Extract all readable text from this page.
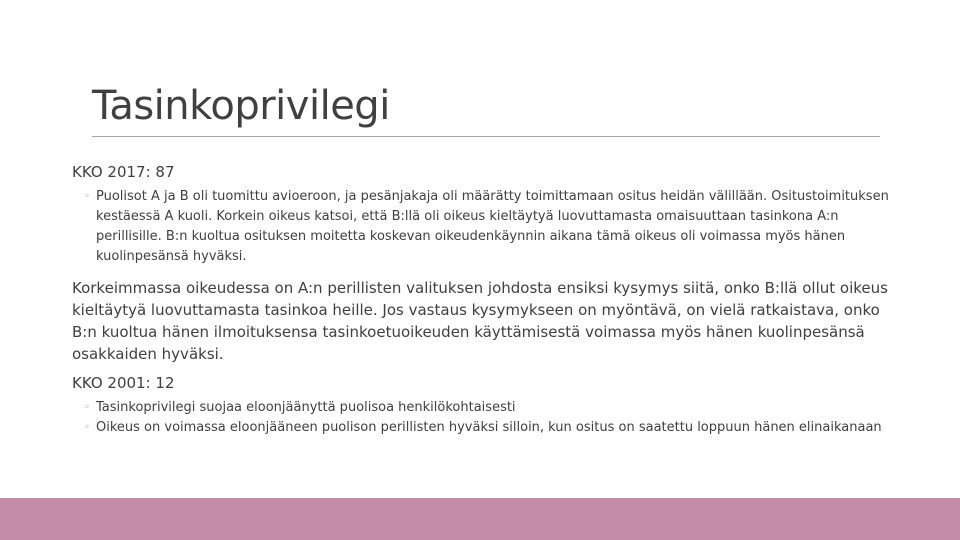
Tasinkoprivilegi

KKO 2017: 87

◦ Puolisot A ja B oli tuomittu avioeroon, ja pesänjakaja oli määrätty toimittamaan ositus heidän välillään. Ositustoimituksen kestäessä A kuoli. Korkein oikeus katsoi, että B:llä oli oikeus kieltäytyä luovuttamasta omaisuuttaan tasinkona A:n perillisille. B:n kuoltua osituksen moitetta koskevan oikeudenkäynnin aikana tämä oikeus oli voimassa myös hänen kuolinpesänsä hyväksi.

Korkeimmassa oikeudessa on A:n perillisten valituksen johdosta ensiksi kysymys siitä, onko B:llä ollut oikeus kieltäytyä luovuttamasta tasinkoa heille. Jos vastaus kysymykseen on myöntävä, on vielä ratkaistava, onko B:n kuoltua hänen ilmoituksensa tasinkoetuoikeuden käyttämisestä voimassa myös hänen kuolinpesänsä osakkaiden hyväksi.

KKO 2001: 12

◦ Tasinkoprivilegi suojaa eloonjäänyttä puolisoa henkilökohtaisesti
◦ Oikeus on voimassa eloonjääneen puolison perillisten hyväksi silloin, kun ositus on saatettu loppuun hänen elinaikanaan
